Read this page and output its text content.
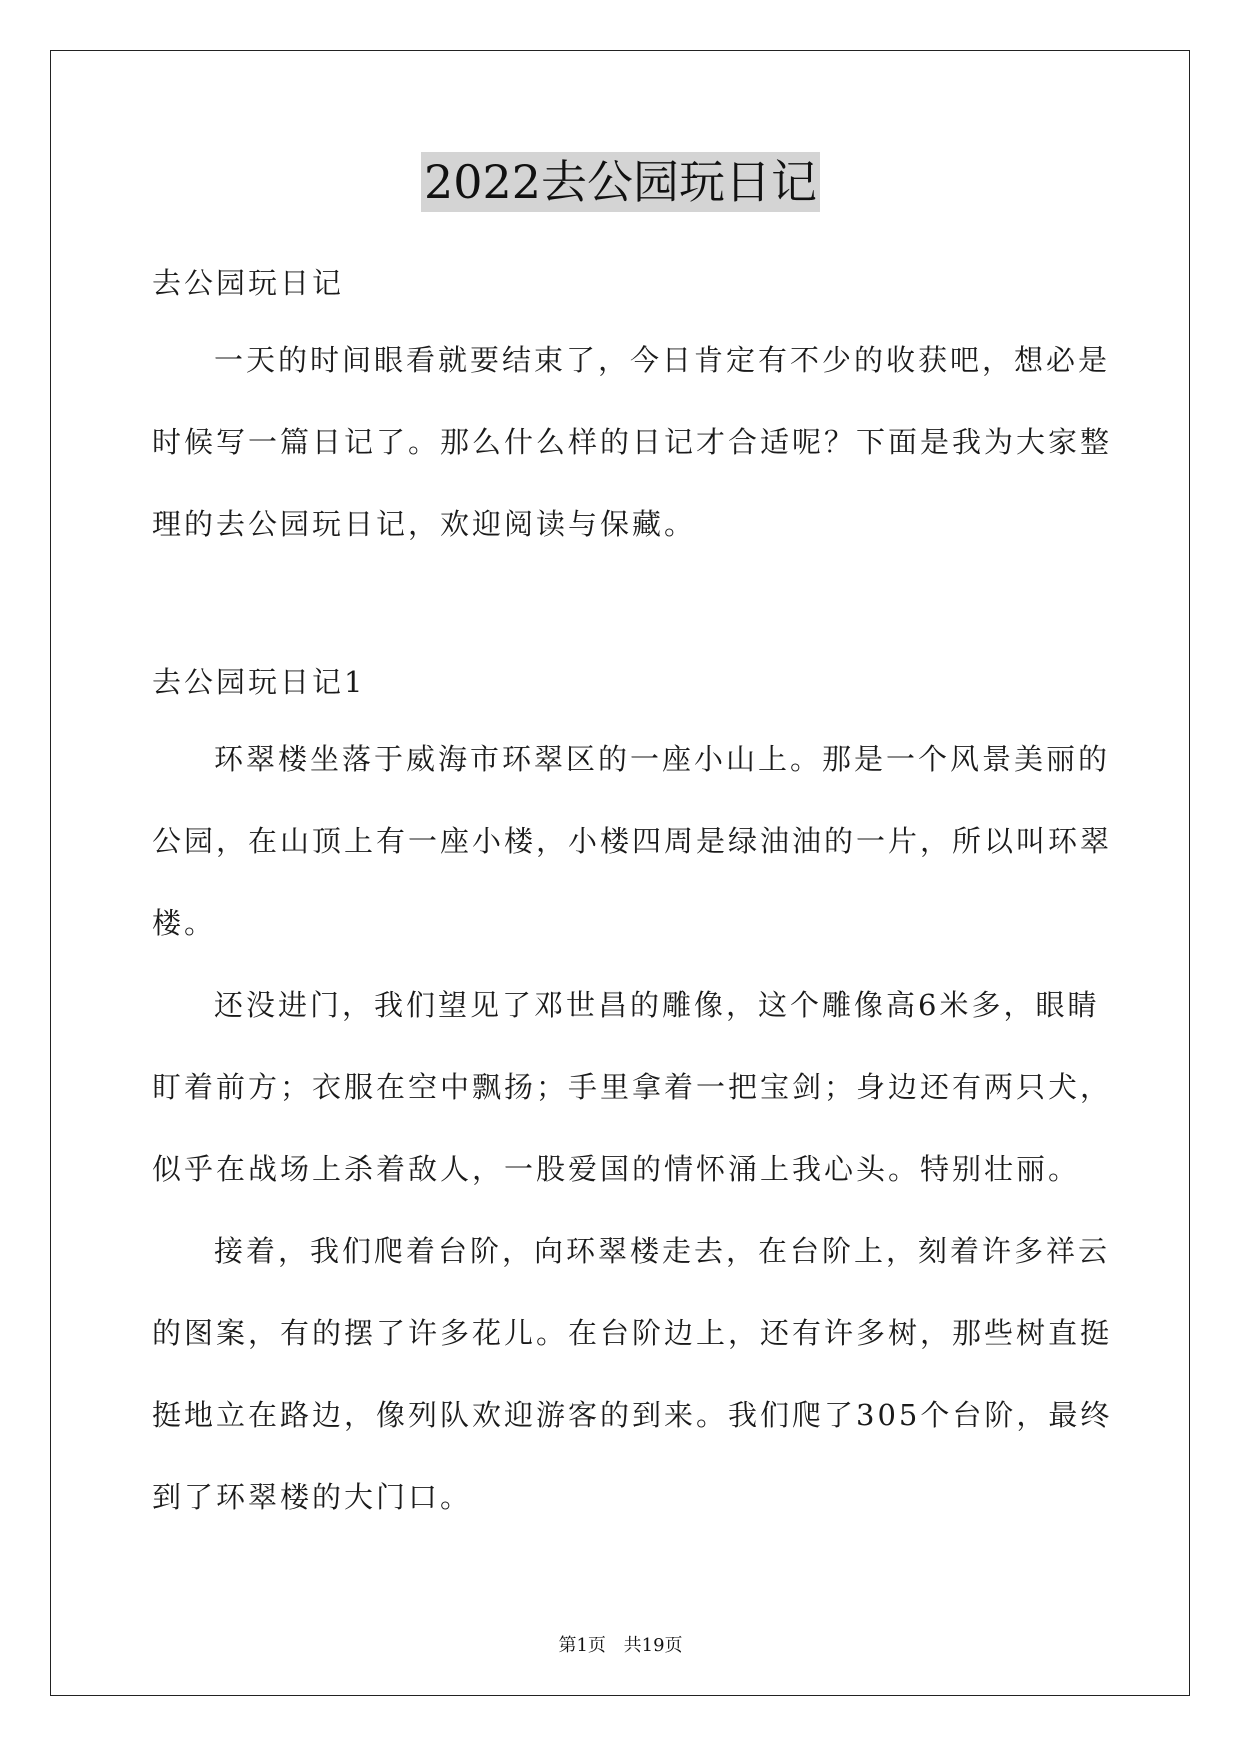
2022去公园玩日记
去公园玩日记
一天的时间眼看就要结束了，今日肯定有不少的收获吧，想必是
时候写一篇日记了。那么什么样的日记才合适呢？下面是我为大家整
理的去公园玩日记，欢迎阅读与保藏。
去公园玩日记1
环翠楼坐落于威海市环翠区的一座小山上。那是一个风景美丽的
公园，在山顶上有一座小楼，小楼四周是绿油油的一片，所以叫环翠
楼。
还没进门，我们望见了邓世昌的雕像，这个雕像高6米多，眼睛
盯着前方；衣服在空中飘扬；手里拿着一把宝剑；身边还有两只犬，
似乎在战场上杀着敌人，一股爱国的情怀涌上我心头。特别壮丽。
接着，我们爬着台阶，向环翠楼走去，在台阶上，刻着许多祥云
的图案，有的摆了许多花儿。在台阶边上，还有许多树，那些树直挺
挺地立在路边，像列队欢迎游客的到来。我们爬了305个台阶，最终
到了环翠楼的大门口。
第1页 共19页
